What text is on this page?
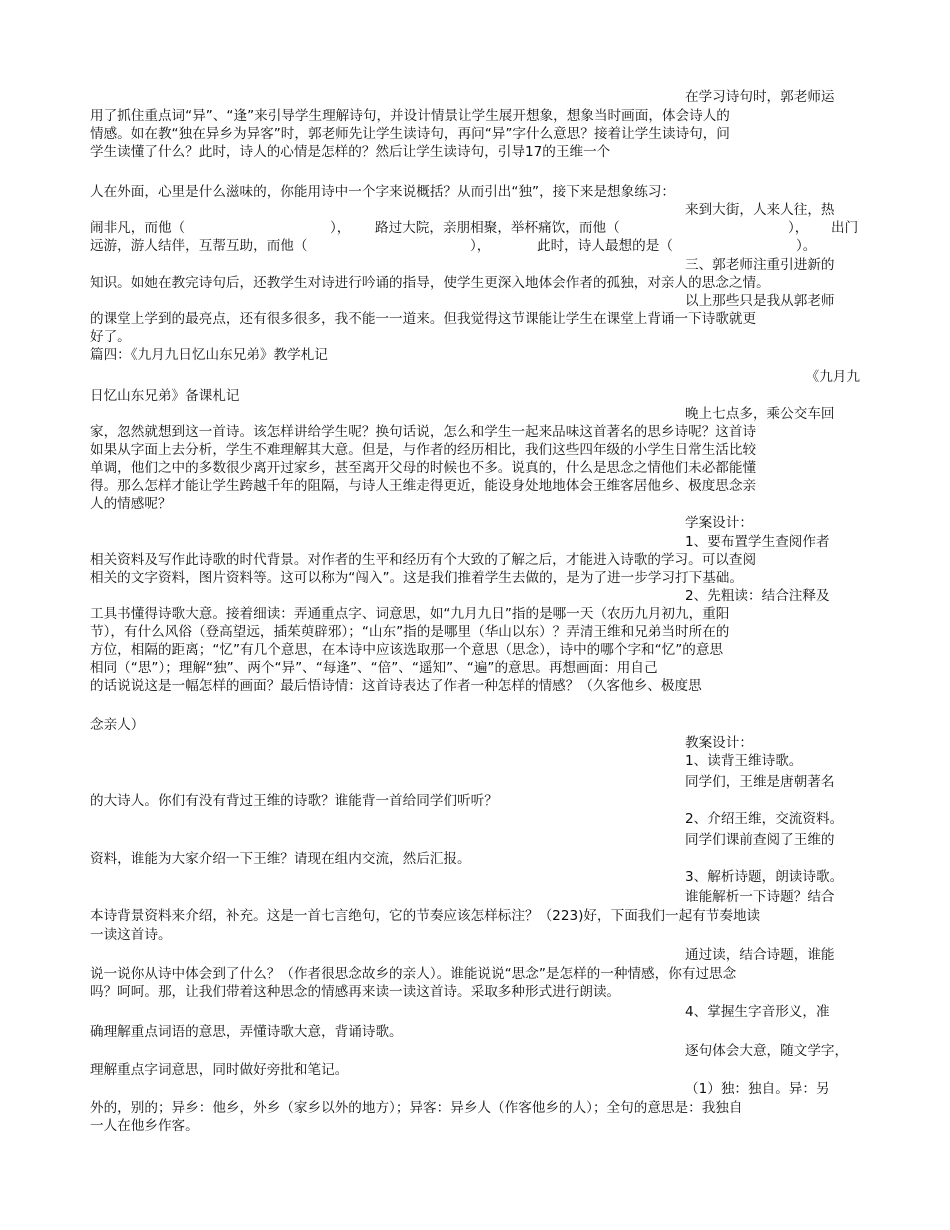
在学习诗句时，郭老师运
用了抓住重点词“异”、“逢”来引导学生理解诗句，并设计情景让学生展开想象，想象当时画面，体会诗人的
情感。如在教“独在异乡为异客”时，郭老师先让学生读诗句，再问“异”字什么意思？接着让学生读诗句，问
学生读懂了什么？此时，诗人的心情是怎样的？然后让学生读诗句，引导17的王维一个
人在外面，心里是什么滋味的，你能用诗中一个字来说概括？从而引出“独”，接下来是想象练习：
来到大街，人来人往，热
闹非凡，而他（	）， 路过大院，亲朋相聚，举杯痛饮，而他（	）， 出门
远游，游人结伴，互帮互助，而他（	），	此时，诗人最想的是（	）。
三、郭老师注重引进新的
知识。如她在教完诗句后，还教学生对诗进行吟诵的指导，使学生更深入地体会作者的孤独，对亲人的思念之情。
以上那些只是我从郭老师
的课堂上学到的最亮点，还有很多很多，我不能一一道来。但我觉得这节课能让学生在课堂上背诵一下诗歌就更
好了。
篇四：《九月九日忆山东兄弟》教学札记
《九月九
日忆山东兄弟》备课札记
晚上七点多，乘公交车回
家，忽然就想到这一首诗。该怎样讲给学生呢？换句话说，怎么和学生一起来品味这首著名的思乡诗呢？这首诗
如果从字面上去分析，学生不难理解其大意。但是，与作者的经历相比，我们这些四年级的小学生日常生活比较
单调，他们之中的多数很少离开过家乡，甚至离开父母的时候也不多。说真的，什么是思念之情他们未必都能懂
得。那么怎样才能让学生跨越千年的阻隔，与诗人王维走得更近，能设身处地地体会王维客居他乡、极度思念亲
人的情感呢？
学案设计：
1、要布置学生查阅作者
相关资料及写作此诗歌的时代背景。对作者的生平和经历有个大致的了解之后，才能进入诗歌的学习。可以查阅
相关的文字资料，图片资料等。这可以称为“闯入”。这是我们推着学生去做的，是为了进一步学习打下基础。
2、先粗读：结合注释及
工具书懂得诗歌大意。接着细读：弄通重点字、词意思，如“九月九日”指的是哪一天（农历九月初九，重阳
节），有什么风俗（登高望远，插茱萸辟邪）；“山东”指的是哪里（华山以东）？弄清王维和兄弟当时所在的
方位，相隔的距离；“忆”有几个意思，在本诗中应该选取那一个意思（思念），诗中的哪个字和“忆”的意思
相同（“思”）；理解“独”、两个“异”、“每逢”、“倍”、“遥知”、“遍”的意思。再想画面：用自己
的话说说这是一幅怎样的画面？最后悟诗情：这首诗表达了作者一种怎样的情感？（久客他乡、极度思
念亲人）
教案设计：
1、读背王维诗歌。
同学们，王维是唐朝著名
的大诗人。你们有没有背过王维的诗歌？谁能背一首给同学们听听？
2、介绍王维，交流资料。
同学们课前查阅了王维的
资料，谁能为大家介绍一下王维？请现在组内交流，然后汇报。
3、解析诗题，朗读诗歌。
谁能解析一下诗题？结合
本诗背景资料来介绍，补充。这是一首七言绝句，它的节奏应该怎样标注？（223)好，下面我们一起有节奏地读
一读这首诗。
通过读，结合诗题，谁能
说一说你从诗中体会到了什么？（作者很思念故乡的亲人）。谁能说说“思念”是怎样的一种情感，你有过思念
吗？呵呵。那，让我们带着这种思念的情感再来读一读这首诗。采取多种形式进行朗读。
4、掌握生字音形义，准
确理解重点词语的意思，弄懂诗歌大意，背诵诗歌。
逐句体会大意，随文学字，
理解重点字词意思，同时做好旁批和笔记。
（1）独：独自。异：另
外的，别的；异乡：他乡，外乡（家乡以外的地方）；异客：异乡人（作客他乡的人）；全句的意思是：我独自
一人在他乡作客。
